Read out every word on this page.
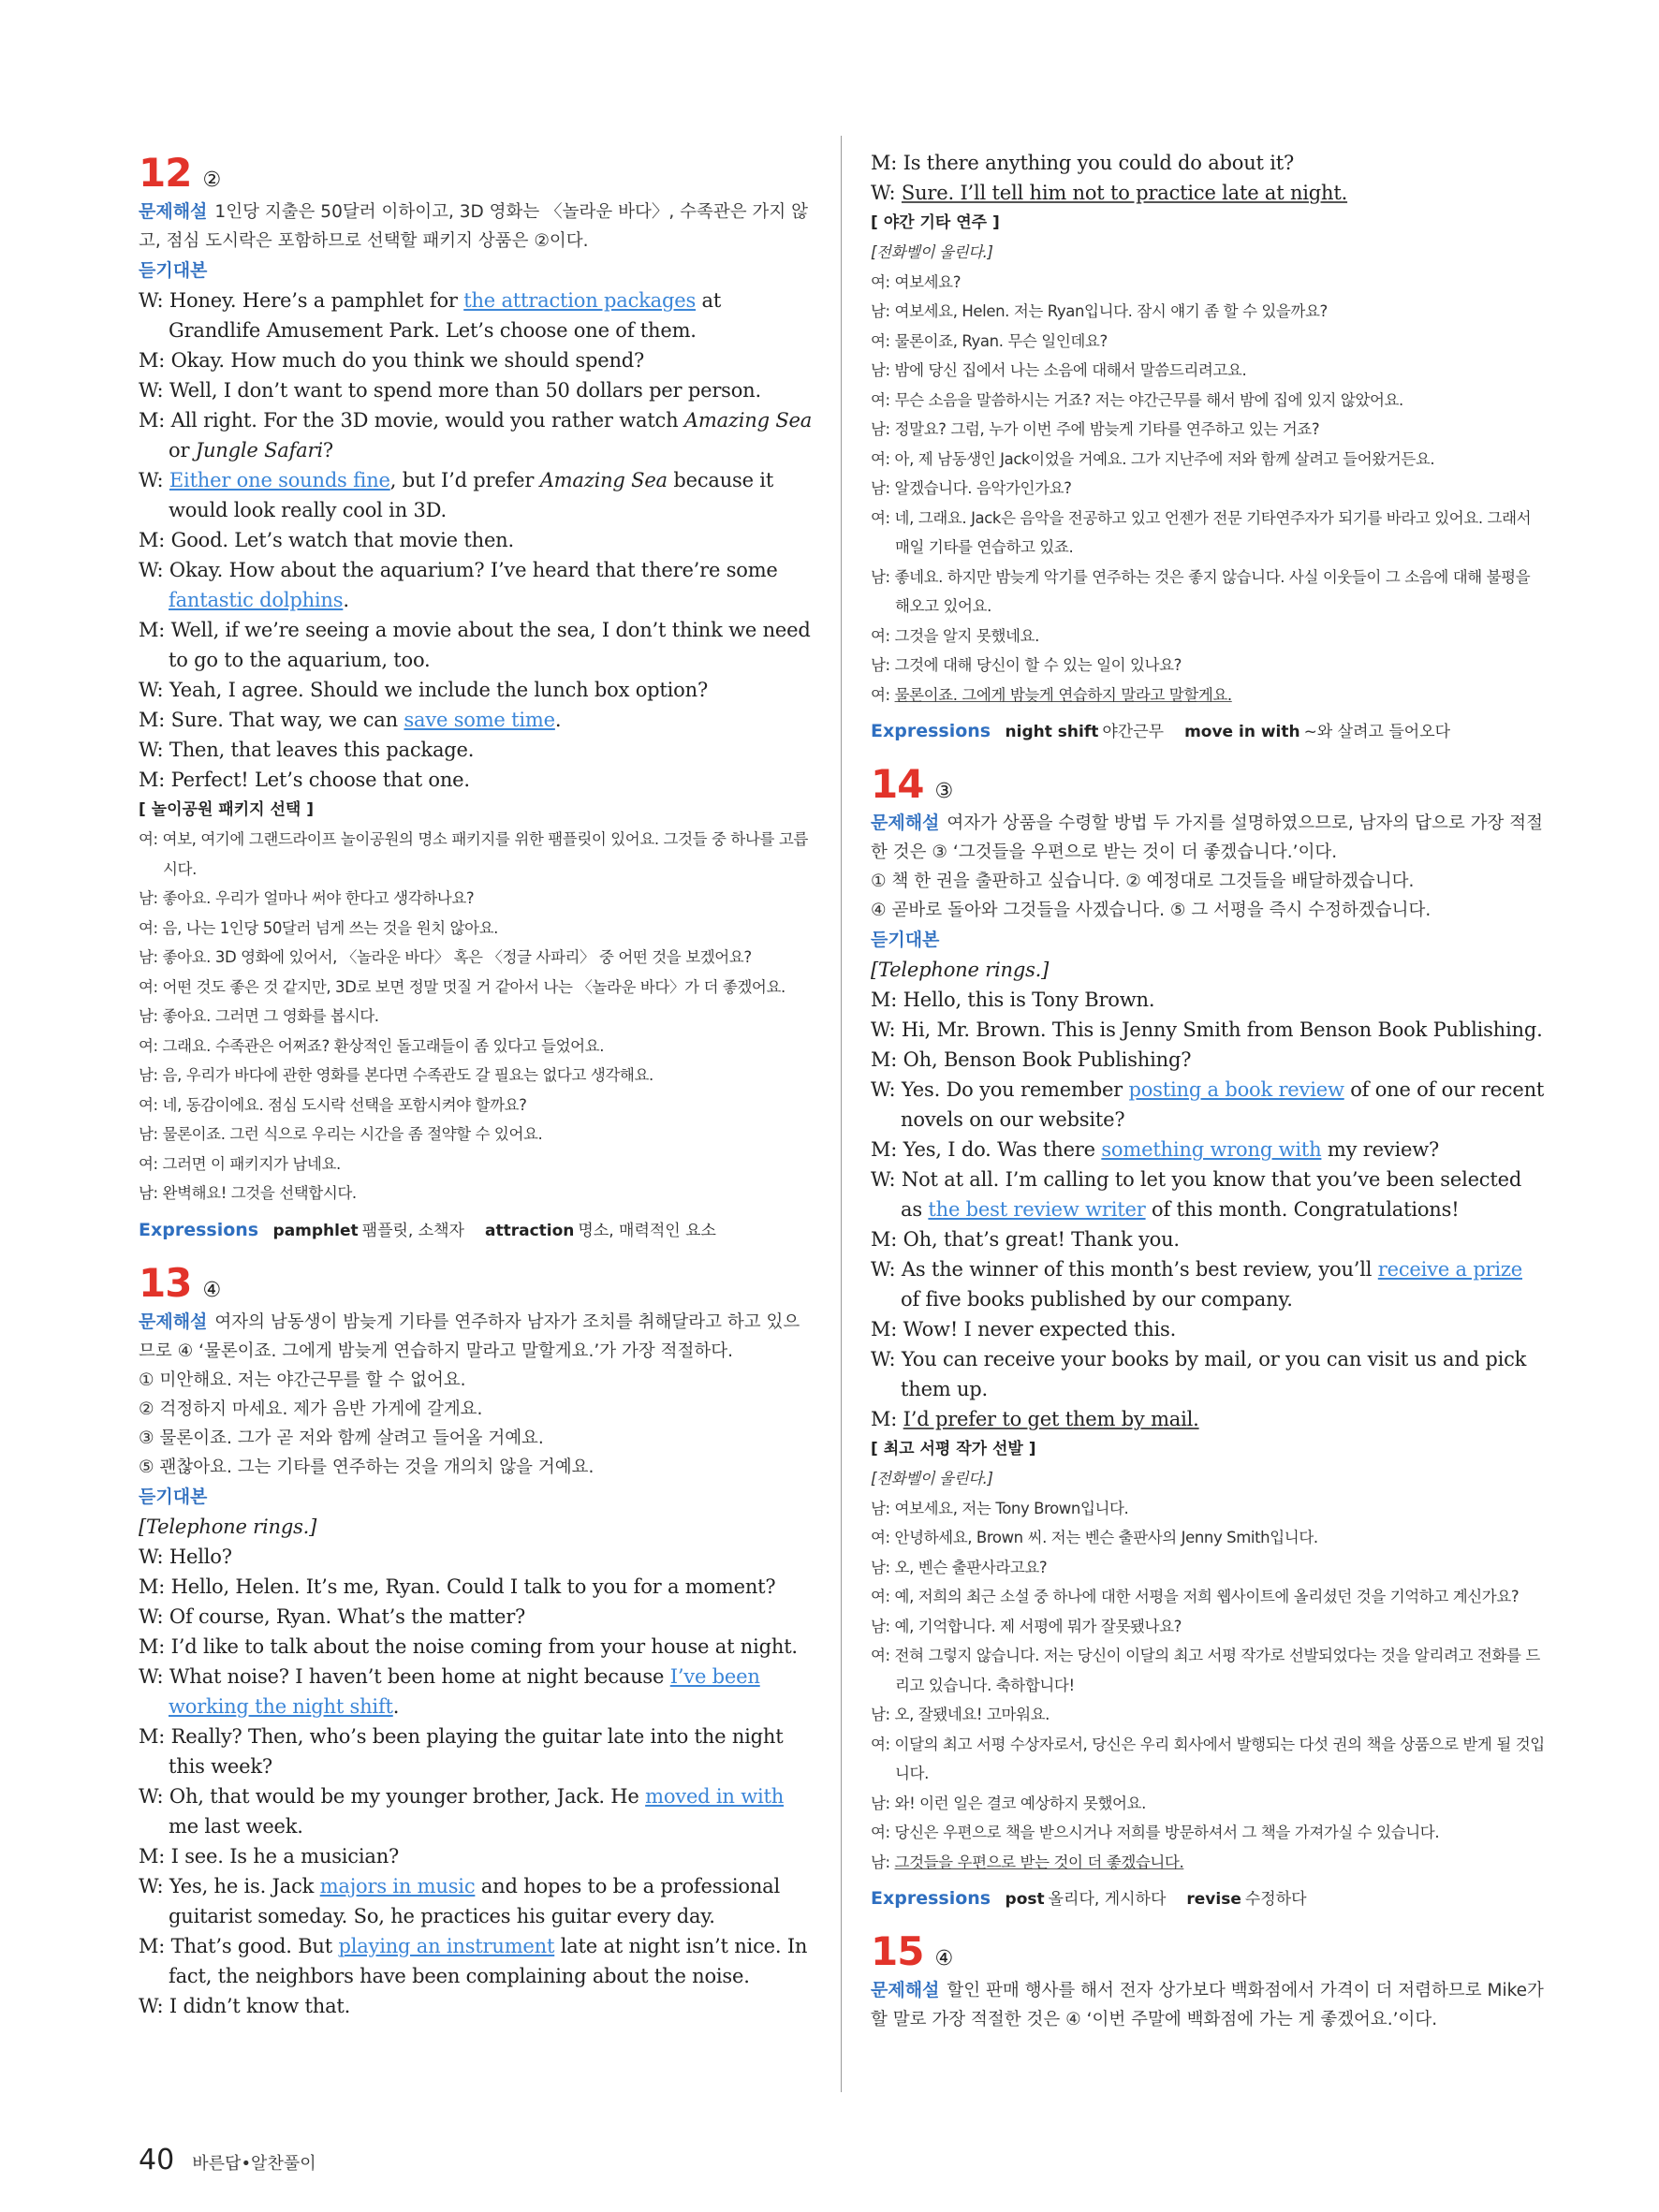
12 ②
문제해설 1인당 지출은 50달러 이하이고, 3D 영화는 〈놀라운 바다〉, 수족관은 가지 않고, 점심 도시락은 포함하므로 선택할 패키지 상품은 ②이다.
듣기대본
W: Honey. Here’s a pamphlet for the attraction packages at Grandlife Amusement Park. Let’s choose one of them.
M: Okay. How much do you think we should spend?
W: Well, I don’t want to spend more than 50 dollars per person.
M: All right. For the 3D movie, would you rather watch Amazing Sea or Jungle Safari?
W: Either one sounds fine, but I’d prefer Amazing Sea because it would look really cool in 3D.
M: Good. Let’s watch that movie then.
W: Okay. How about the aquarium? I’ve heard that there’re some fantastic dolphins.
M: Well, if we’re seeing a movie about the sea, I don’t think we need to go to the aquarium, too.
W: Yeah, I agree. Should we include the lunch box option?
M: Sure. That way, we can save some time.
W: Then, that leaves this package.
M: Perfect! Let’s choose that one.
[ 놀이공원 패키지 선택 ]
여: 여보, 여기에 그랜드라이프 놀이공원의 명소 패키지를 위한 팸플릿이 있어요. 그것들 중 하나를 고릅시다.
남: 좋아요. 우리가 얼마나 써야 한다고 생각하나요?
여: 음, 나는 1인당 50달러 넘게 쓰는 것을 원치 않아요.
남: 좋아요. 3D 영화에 있어서, 〈놀라운 바다〉 혹은 〈정글 사파리〉 중 어떤 것을 보겠어요?
여: 어떤 것도 좋은 것 같지만, 3D로 보면 정말 멋질 거 같아서 나는 〈놀라운 바다〉가 더 좋겠어요.
남: 좋아요. 그러면 그 영화를 봅시다.
여: 그래요. 수족관은 어쩌죠? 환상적인 돌고래들이 좀 있다고 들었어요.
남: 음, 우리가 바다에 관한 영화를 본다면 수족관도 갈 필요는 없다고 생각해요.
여: 네, 동감이에요. 점심 도시락 선택을 포함시켜야 할까요?
남: 물론이죠. 그런 식으로 우리는 시간을 좀 절약할 수 있어요.
여: 그러면 이 패키지가 남네요.
남: 완벽해요! 그것을 선택합시다.
Expressions pamphlet 팸플릿, 소책자 attraction 명소, 매력적인 요소
13 ④
문제해설 여자의 남동생이 밤늦게 기타를 연주하자 남자가 조치를 취해달라고 하고 있으므로 ④ ‘물론이죠. 그에게 밤늦게 연습하지 말라고 말할게요.’가 가장 적절하다.
① 미안해요. 저는 야간근무를 할 수 없어요.
② 걱정하지 마세요. 제가 음반 가게에 갈게요.
③ 물론이죠. 그가 곧 저와 함께 살려고 들어올 거예요.
⑤ 괜찮아요. 그는 기타를 연주하는 것을 개의치 않을 거예요.
듣기대본
[Telephone rings.]
W: Hello?
M: Hello, Helen. It’s me, Ryan. Could I talk to you for a moment?
W: Of course, Ryan. What’s the matter?
M: I’d like to talk about the noise coming from your house at night.
W: What noise? I haven’t been home at night because I’ve been working the night shift.
M: Really? Then, who’s been playing the guitar late into the night this week?
W: Oh, that would be my younger brother, Jack. He moved in with me last week.
M: I see. Is he a musician?
W: Yes, he is. Jack majors in music and hopes to be a professional guitarist someday. So, he practices his guitar every day.
M: That’s good. But playing an instrument late at night isn’t nice. In fact, the neighbors have been complaining about the noise.
W: I didn’t know that.
M: Is there anything you could do about it?
W: Sure. I’ll tell him not to practice late at night.
[ 야간 기타 연주 ]
[전화벨이 울린다.]
여: 여보세요?
남: 여보세요, Helen. 저는 Ryan입니다. 잠시 얘기 좀 할 수 있을까요?
여: 물론이죠, Ryan. 무슨 일인데요?
남: 밤에 당신 집에서 나는 소음에 대해서 말씀드리려고요.
여: 무슨 소음을 말씀하시는 거죠? 저는 야간근무를 해서 밤에 집에 있지 않았어요.
남: 정말요? 그럼, 누가 이번 주에 밤늦게 기타를 연주하고 있는 거죠?
여: 아, 제 남동생인 Jack이었을 거예요. 그가 지난주에 저와 함께 살려고 들어왔거든요.
남: 알겠습니다. 음악가인가요?
여: 네, 그래요. Jack은 음악을 전공하고 있고 언젠가 전문 기타연주자가 되기를 바라고 있어요. 그래서 매일 기타를 연습하고 있죠.
남: 좋네요. 하지만 밤늦게 악기를 연주하는 것은 좋지 않습니다. 사실 이웃들이 그 소음에 대해 불평을 해오고 있어요.
여: 그것을 알지 못했네요.
남: 그것에 대해 당신이 할 수 있는 일이 있나요?
여: 물론이죠. 그에게 밤늦게 연습하지 말라고 말할게요.
Expressions night shift 야간근무 move in with ~와 살려고 들어오다
14 ③
문제해설 여자가 상품을 수령할 방법 두 가지를 설명하였으므로, 남자의 답으로 가장 적절한 것은 ③ ‘그것들을 우편으로 받는 것이 더 좋겠습니다.’이다.
① 책 한 권을 출판하고 싶습니다. ② 예정대로 그것들을 배달하겠습니다.
④ 곧바로 돌아와 그것들을 사겠습니다. ⑤ 그 서평을 즉시 수정하겠습니다.
듣기대본
[Telephone rings.]
M: Hello, this is Tony Brown.
W: Hi, Mr. Brown. This is Jenny Smith from Benson Book Publishing.
M: Oh, Benson Book Publishing?
W: Yes. Do you remember posting a book review of one of our recent novels on our website?
M: Yes, I do. Was there something wrong with my review?
W: Not at all. I’m calling to let you know that you’ve been selected as the best review writer of this month. Congratulations!
M: Oh, that’s great! Thank you.
W: As the winner of this month’s best review, you’ll receive a prize of five books published by our company.
M: Wow! I never expected this.
W: You can receive your books by mail, or you can visit us and pick them up.
M: I’d prefer to get them by mail.
[ 최고 서평 작가 선발 ]
[전화벨이 울린다.]
남: 여보세요, 저는 Tony Brown입니다.
여: 안녕하세요, Brown 씨. 저는 벤슨 출판사의 Jenny Smith입니다.
남: 오, 벤슨 출판사라고요?
여: 예, 저희의 최근 소설 중 하나에 대한 서평을 저희 웹사이트에 올리셨던 것을 기억하고 계신가요?
남: 예, 기억합니다. 제 서평에 뭐가 잘못됐나요?
여: 전혀 그렇지 않습니다. 저는 당신이 이달의 최고 서평 작가로 선발되었다는 것을 알리려고 전화를 드리고 있습니다. 축하합니다!
남: 오, 잘됐네요! 고마워요.
여: 이달의 최고 서평 수상자로서, 당신은 우리 회사에서 발행되는 다섯 권의 책을 상품으로 받게 될 것입니다.
남: 와! 이런 일은 결코 예상하지 못했어요.
여: 당신은 우편으로 책을 받으시거나 저희를 방문하셔서 그 책을 가져가실 수 있습니다.
남: 그것들을 우편으로 받는 것이 더 좋겠습니다.
Expressions post 올리다, 게시하다 revise 수정하다
15 ④
문제해설 할인 판매 행사를 해서 전자 상가보다 백화점에서 가격이 더 저렴하므로 Mike가 할 말로 가장 적절한 것은 ④ ‘이번 주말에 백화점에 가는 게 좋겠어요.’이다.
40 바른답•알찬풀이
